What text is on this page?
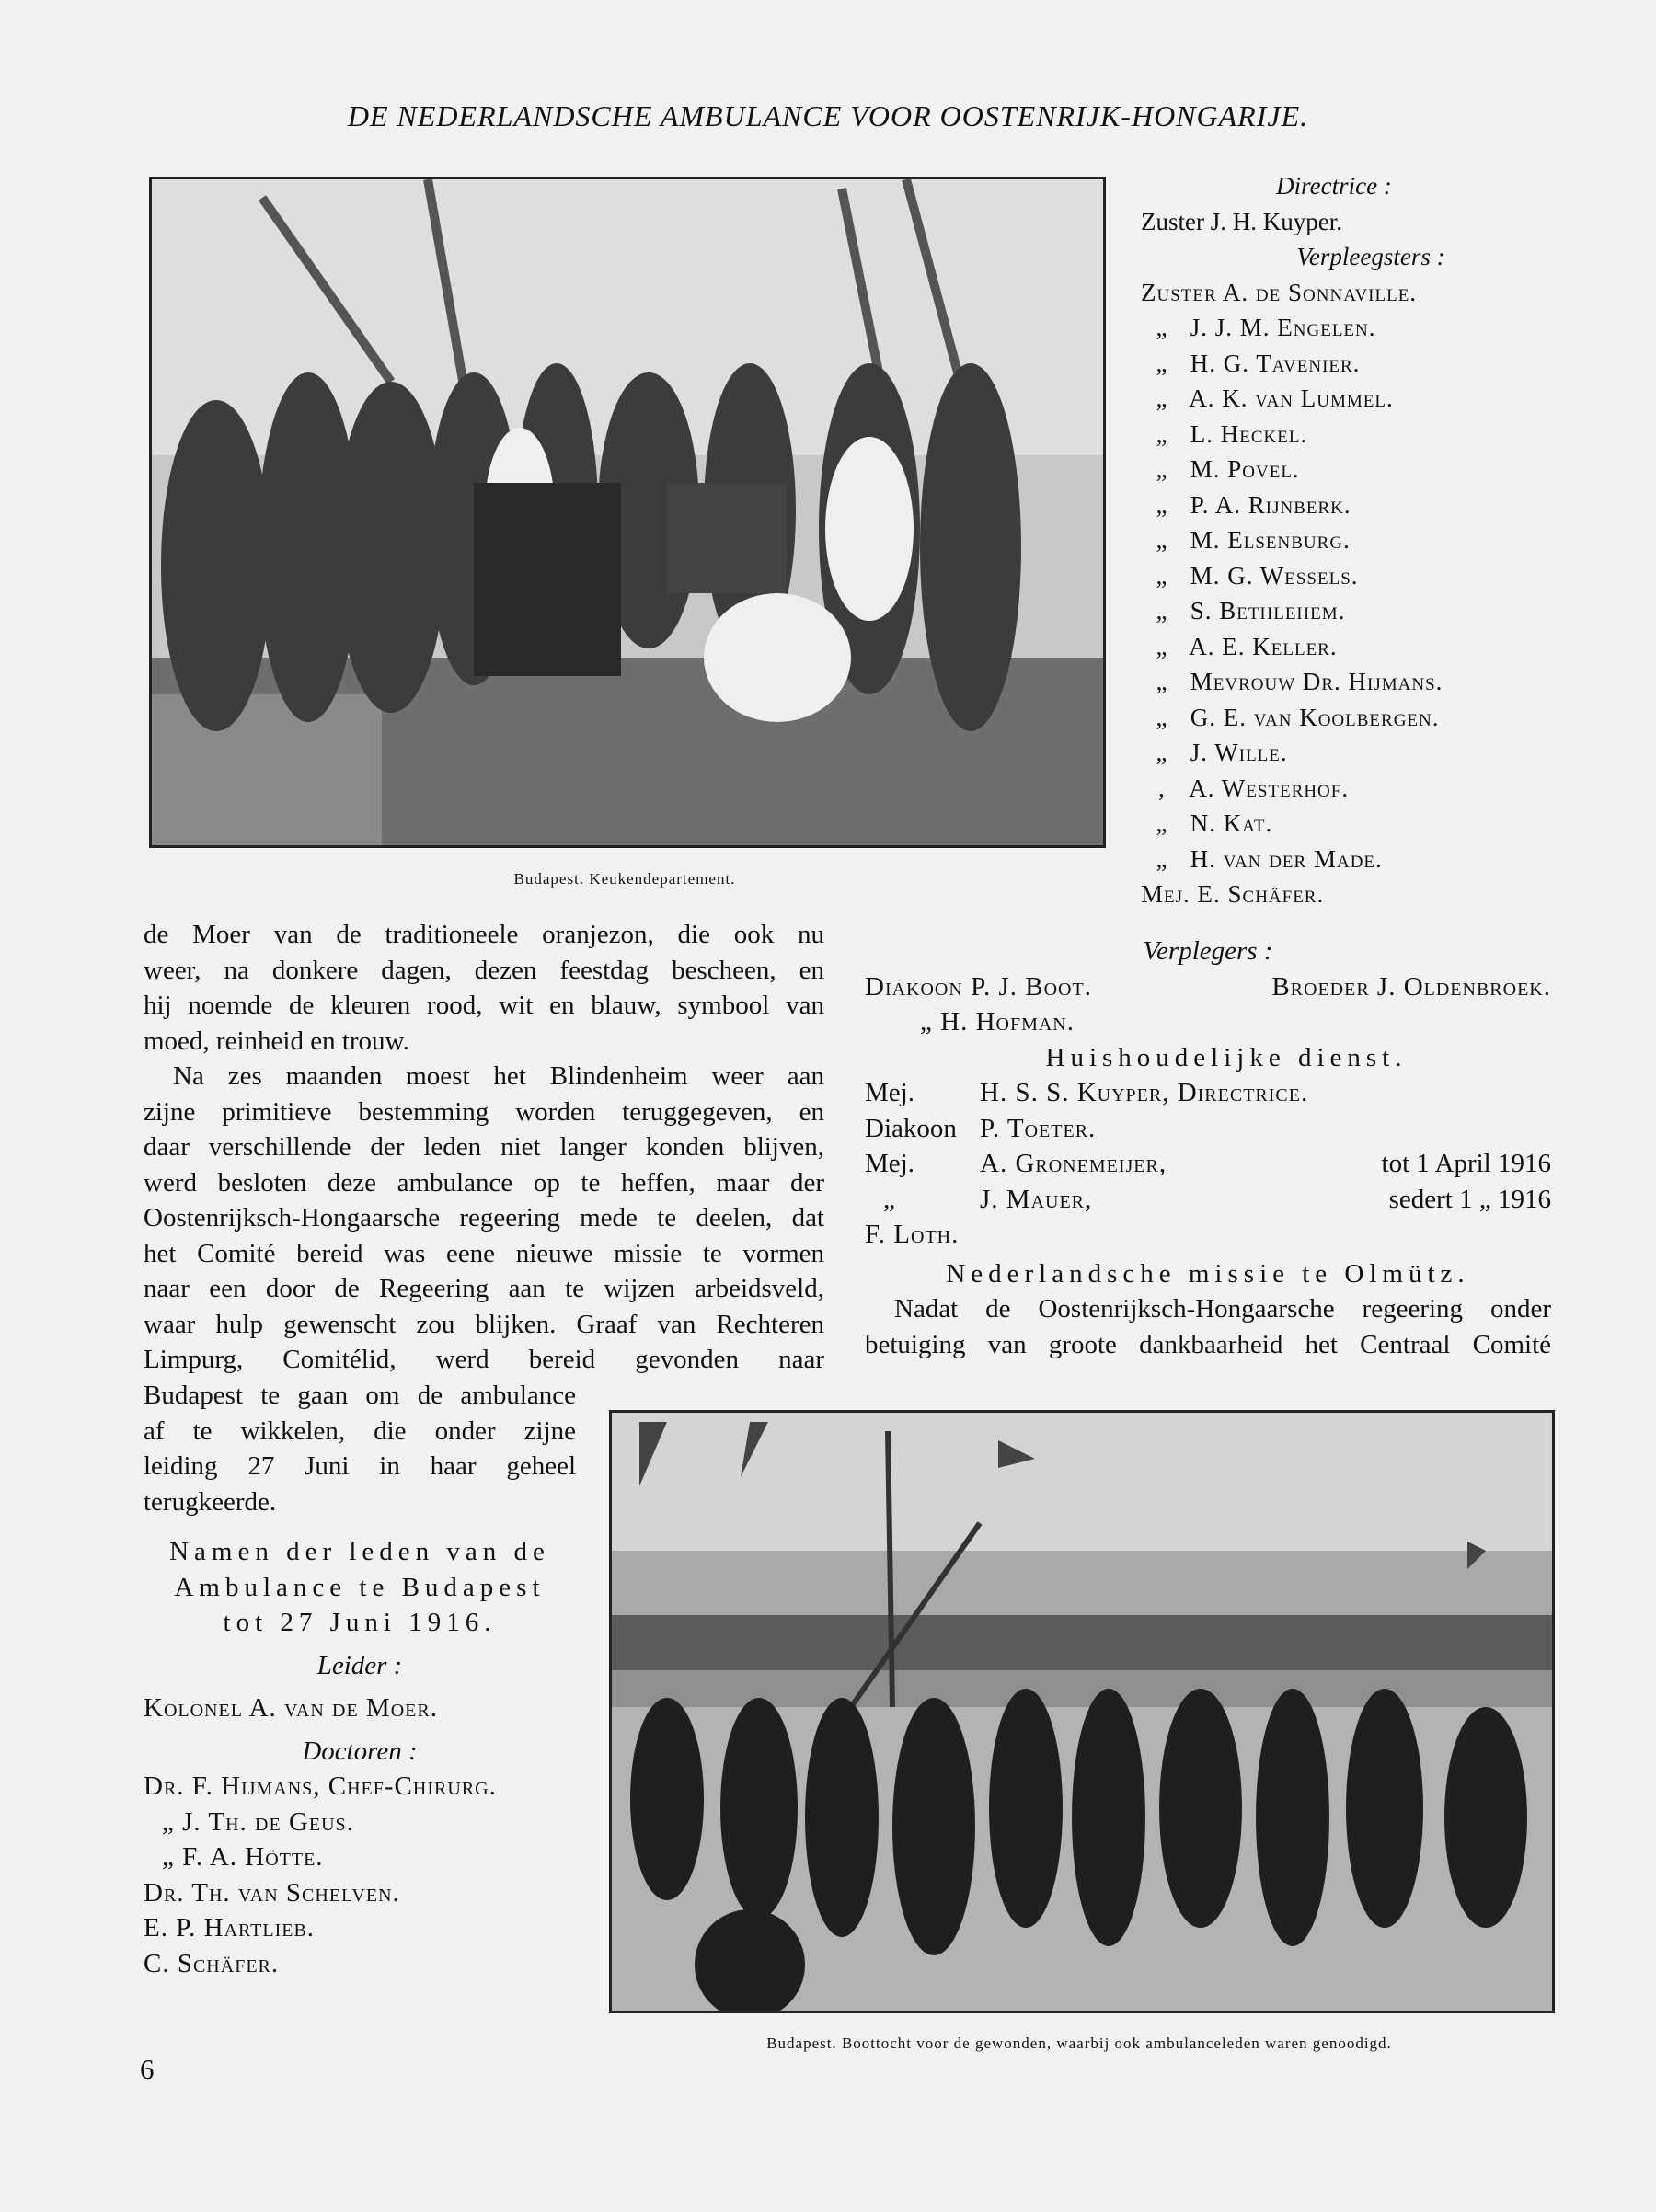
DE NEDERLANDSCHE AMBULANCE VOOR OOSTENRIJK-HONGARIJE.
Budapest. Keukendepartement.
Directrice :
Zuster J. H. Kuyper.
Verpleegsters :
Zuster A. de Sonnaville.
„ J. J. M. Engelen.
„ H. G. Tavenier.
„ A. K. van Lummel.
„ L. Heckel.
„ M. Povel.
„ P. A. Rijnberk.
„ M. Elsenburg.
„ M. G. Wessels.
„ S. Bethlehem.
„ A. E. Keller.
„ Mevrouw Dr. Hijmans.
„ G. E. van Koolbergen.
„ J. Wille.
, A. Westerhof.
„ N. Kat.
„ H. van der Made.
Mej. E. Schäfer.

de Moer van de traditioneele oranjezon, die ook nu

weer, na donkere dagen, dezen feestdag bescheen, en

hij noemde de kleuren rood, wit en blauw, symbool van

moed, reinheid en trouw.

Na zes maanden moest het Blindenheim weer aan

zijne primitieve bestemming worden teruggegeven, en

daar verschillende der leden niet langer konden blijven,

werd besloten deze ambulance op te heffen, maar der

Oostenrijksch-Hongaarsche regeering mede te deelen, dat

het Comité bereid was eene nieuwe missie te vormen

naar een door de Regeering aan te wijzen arbeidsveld,

waar hulp gewenscht zou blijken. Graaf van Rechteren

Limpurg, Comitélid, werd bereid gevonden naar

Budapest te gaan om de ambulance

af te wikkelen, die onder zijne

leiding 27 Juni in haar geheel

terugkeerde.

Namen der leden van de
Ambulance te Budapest
tot 27 Juni 1916.
Leider :
Kolonel A. van de Moer.
Doctoren :
Dr. F. Hijmans, Chef-Chirurg.
„ J. Th. de Geus.
„ F. A. Hötte.
Dr. Th. van Schelven.
E. P. Hartlieb.
C. Schäfer.
Verplegers :
Diakoon P. J. Boot.	Broeder J. Oldenbroek.
„ H. Hofman.
Huishoudelijke dienst.
Mej.	H. S. S. Kuyper, Directrice.
Diakoon P. Toeter.
Mej.	A. Gronemeijer,	tot 1 April 1916
„	J. Mauer,	sedert 1 „ 1916
F. Loth.
Nederlandsche missie te Olmütz.

Nadat de Oostenrijksch-Hongaarsche regeering onder

betuiging van groote dankbaarheid het Centraal Comité

Budapest. Boottocht voor de gewonden, waarbij ook ambulanceleden waren genoodigd.
6
